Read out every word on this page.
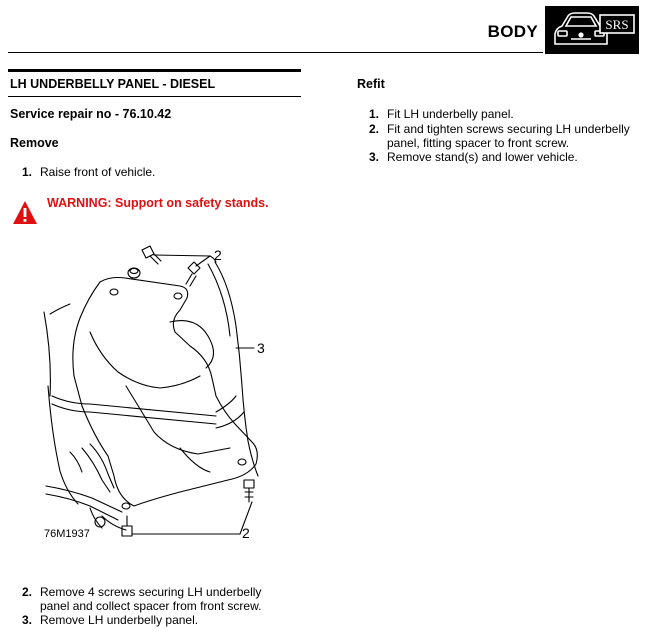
BODY	SRS
LH UNDERBELLY PANEL - DIESEL
Service repair no - 76.10.42
Remove
1. Raise front of vehicle.
WARNING: Support on safety stands.
2
3
2
76M1937
2. Remove 4 screws securing LH underbelly
panel and collect spacer from front screw.
3. Remove LH underbelly panel.
Refit
1. Fit LH underbelly panel.
2. Fit and tighten screws securing LH underbelly
panel, fitting spacer to front screw.
3. Remove stand(s) and lower vehicle.
